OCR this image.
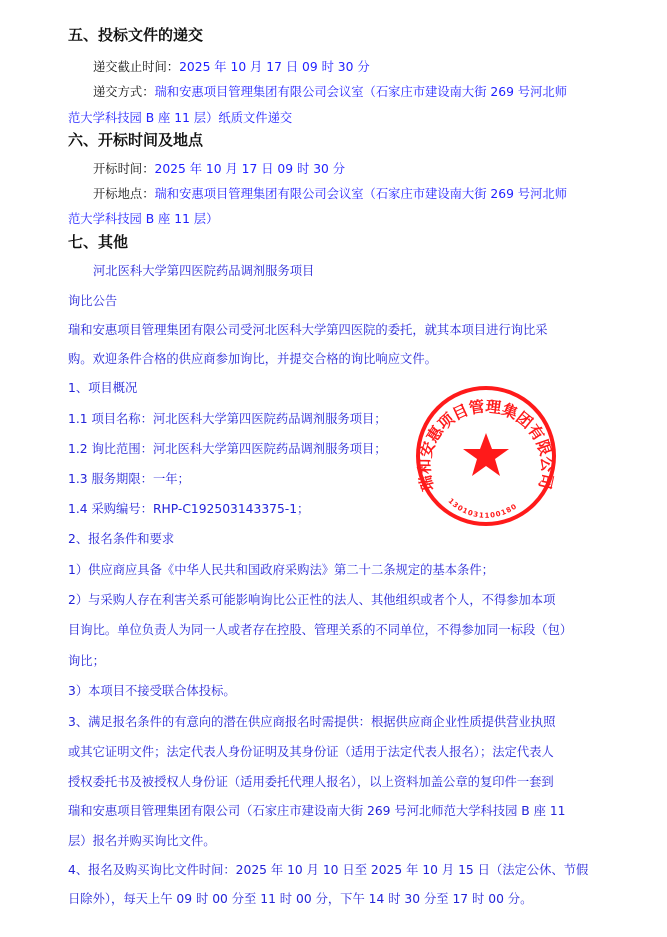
五、投标文件的递交
递交截止时间：2025 年 10 月 17 日 09 时 30 分
递交方式：瑞和安惠项目管理集团有限公司会议室（石家庄市建设南大街 269 号河北师
范大学科技园 B 座 11 层）纸质文件递交
六、开标时间及地点
开标时间：2025 年 10 月 17 日 09 时 30 分
开标地点：瑞和安惠项目管理集团有限公司会议室（石家庄市建设南大街 269 号河北师
范大学科技园 B 座 11 层）
七、其他
河北医科大学第四医院药品调剂服务项目
询比公告
瑞和安惠项目管理集团有限公司受河北医科大学第四医院的委托，就其本项目进行询比采
购。欢迎条件合格的供应商参加询比，并提交合格的询比响应文件。
1、项目概况
1.1 项目名称：河北医科大学第四医院药品调剂服务项目；
1.2 询比范围：河北医科大学第四医院药品调剂服务项目；
1.3 服务期限：一年；
1.4 采购编号：RHP-C192503143375-1；
2、报名条件和要求
1）供应商应具备《中华人民共和国政府采购法》第二十二条规定的基本条件；
2）与采购人存在利害关系可能影响询比公正性的法人、其他组织或者个人，不得参加本项
目询比。单位负责人为同一人或者存在控股、管理关系的不同单位，不得参加同一标段（包）
询比；
3）本项目不接受联合体投标。
3、满足报名条件的有意向的潜在供应商报名时需提供：根据供应商企业性质提供营业执照
或其它证明文件；法定代表人身份证明及其身份证（适用于法定代表人报名）；法定代表人
授权委托书及被授权人身份证（适用委托代理人报名），以上资料加盖公章的复印件一套到
瑞和安惠项目管理集团有限公司（石家庄市建设南大街 269 号河北师范大学科技园 B 座 11
层）报名并购买询比文件。
4、报名及购买询比文件时间：2025 年 10 月 10 日至 2025 年 10 月 15 日（法定公休、节假
日除外），每天上午 09 时 00 分至 11 时 00 分，下午 14 时 30 分至 17 时 00 分。
瑞和安惠项目管理集团有限公司
1301031100180
